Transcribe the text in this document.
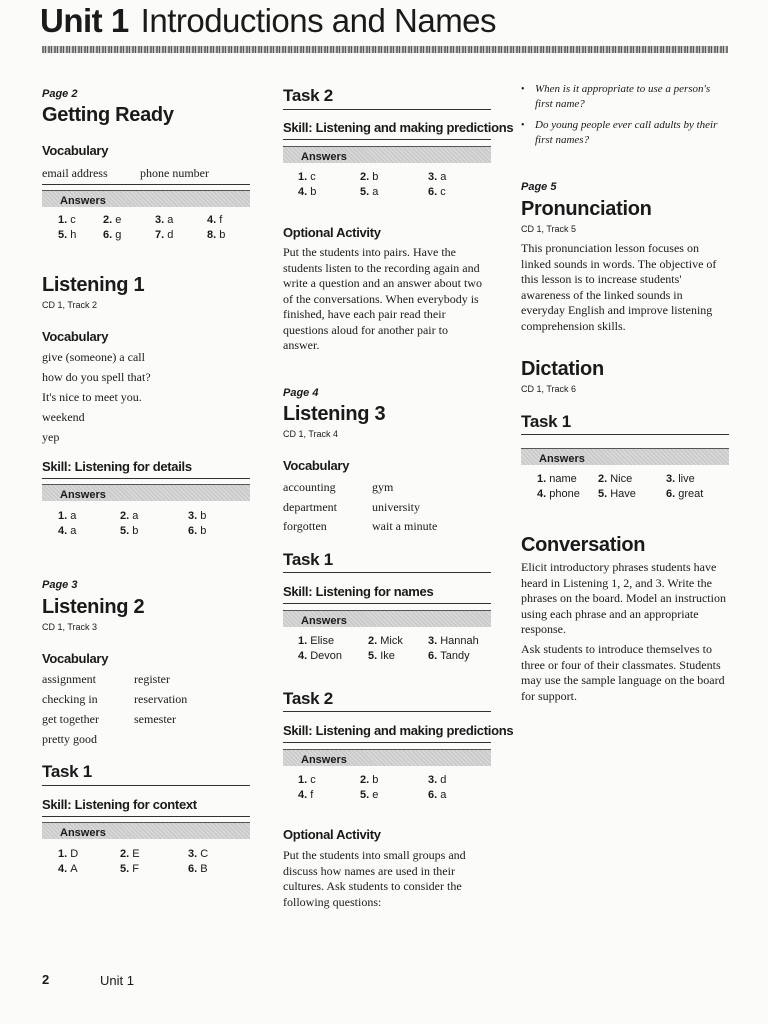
Unit 1 Introductions and Names
Page 2
Getting Ready
Vocabulary
email address	phone number
Answers
1. c 2. e	3. a	4. f
5. h 6. g	7. d	8. b
Listening 1
CD 1, Track 2
Vocabulary
give (someone) a call
how do you spell that?
It's nice to meet you.
weekend
yep
Skill: Listening for details
Answers
1. a	2. a	3. b
4. a	5. b	6. b
Page 3
Listening 2
CD 1, Track 3
Vocabulary
assignment	register
checking in	reservation
get together	semester
pretty good
Task 1
Skill: Listening for context
Answers
1. D	2. E	3. C
4. A	5. F	6. B
Task 2
Skill: Listening and making predictions
Answers
1. c	2. b	3. a
4. b	5. a	6. c
Optional Activity
Put the students into pairs. Have the students listen to the recording again and write a question and an answer about two of the conversations. When everybody is finished, have each pair read their questions aloud for another pair to answer.
Page 4
Listening 3
CD 1, Track 4
Vocabulary
accounting	gym
department	university
forgotten	wait a minute
Task 1
Skill: Listening for names
Answers
1. Elise	2. Mick 3. Hannah
4. Devon 5. Ike	6. Tandy
Task 2
Skill: Listening and making predictions
Answers
1. c	2. b	3. d
4. f	5. e	6. a
Optional Activity
Put the students into small groups and discuss how names are used in their cultures. Ask students to consider the following questions:
• When is it appropriate to use a person's first name?
• Do young people ever call adults by their first names?
Page 5
Pronunciation
CD 1, Track 5
This pronunciation lesson focuses on linked sounds in words. The objective of this lesson is to increase students' awareness of the linked sounds in everyday English and improve listening comprehension skills.
Dictation
CD 1, Track 6
Task 1
Answers
1. name 2. Nice	3. live
4. phone 5. Have	6. great
Conversation
Elicit introductory phrases students have heard in Listening 1, 2, and 3. Write the phrases on the board. Model an instruction using each phrase and an appropriate response.
Ask students to introduce themselves to three or four of their classmates. Students may use the sample language on the board for support.
2	Unit 1
